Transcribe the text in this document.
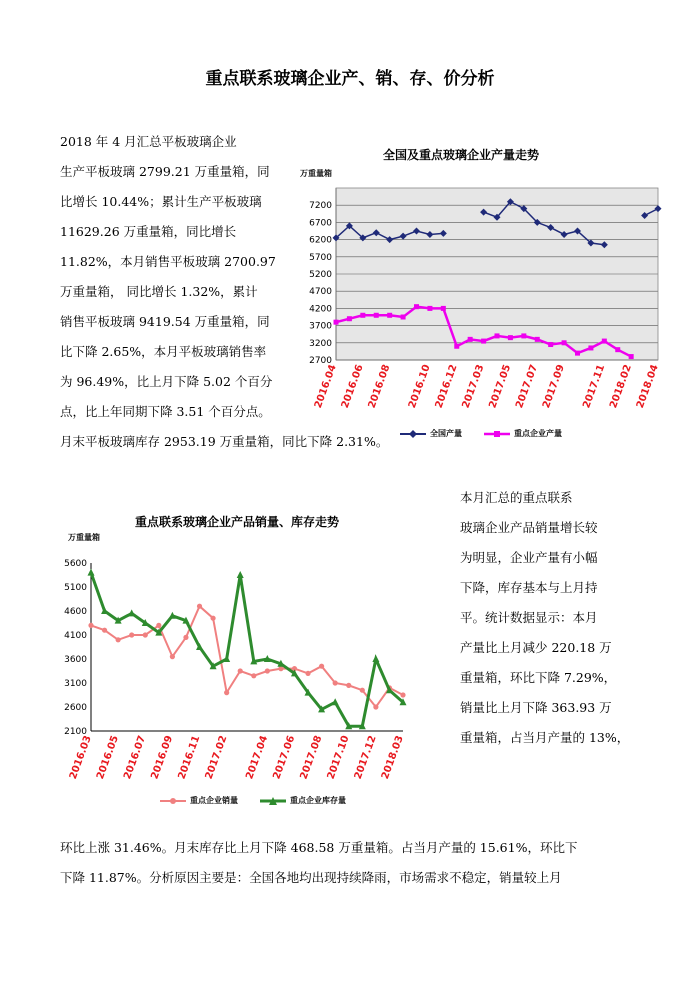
重点联系玻璃企业产、销、存、价分析
2018 年 4 月汇总平板玻璃企业
生产平板玻璃 2799.21 万重量箱，同
比增长 10.44%；累计生产平板玻璃
11629.26 万重量箱，同比增长
11.82%，本月销售平板玻璃 2700.97
万重量箱， 同比增长 1.32%，累计
销售平板玻璃 9419.54 万重量箱，同
比下降 2.65%，本月平板玻璃销售率
为 96.49%，比上月下降 5.02 个百分
点，比上年同期下降 3.51 个百分点。
月末平板玻璃库存 2953.19 万重量箱，同比下降 2.31%。
全国及重点玻璃企业产量走势
万重量箱
2700
3200
3700
4200
4700
5200
5700
6200
6700
7200
2016.04 2016.06 2016.08 2016.10 2016.12 2017.03 2017.05 2017.07 2017.09 2017.11 2018.02 2018.04
全国产量	重点企业产量
重点联系玻璃企业产品销量、库存走势
万重量箱
2100
2600
3100
3600
4100
4600
5100
5600
2016.03 2016.05 2016.07 2016.09 2016.11 2017.02 2017.04 2017.06 2017.08 2017.10 2017.12 2018.03
重点企业销量	重点企业库存量
本月汇总的重点联系
玻璃企业产品销量增长较
为明显，企业产量有小幅
下降，库存基本与上月持
平。统计数据显示：本月
产量比上月减少 220.18 万
重量箱，环比下降 7.29%，
销量比上月下降 363.93 万
重量箱，占当月产量的 13%，
环比上涨 31.46%。月末库存比上月下降 468.58 万重量箱。占当月产量的 15.61%，环比下
下降 11.87%。分析原因主要是：全国各地均出现持续降雨，市场需求不稳定，销量较上月
